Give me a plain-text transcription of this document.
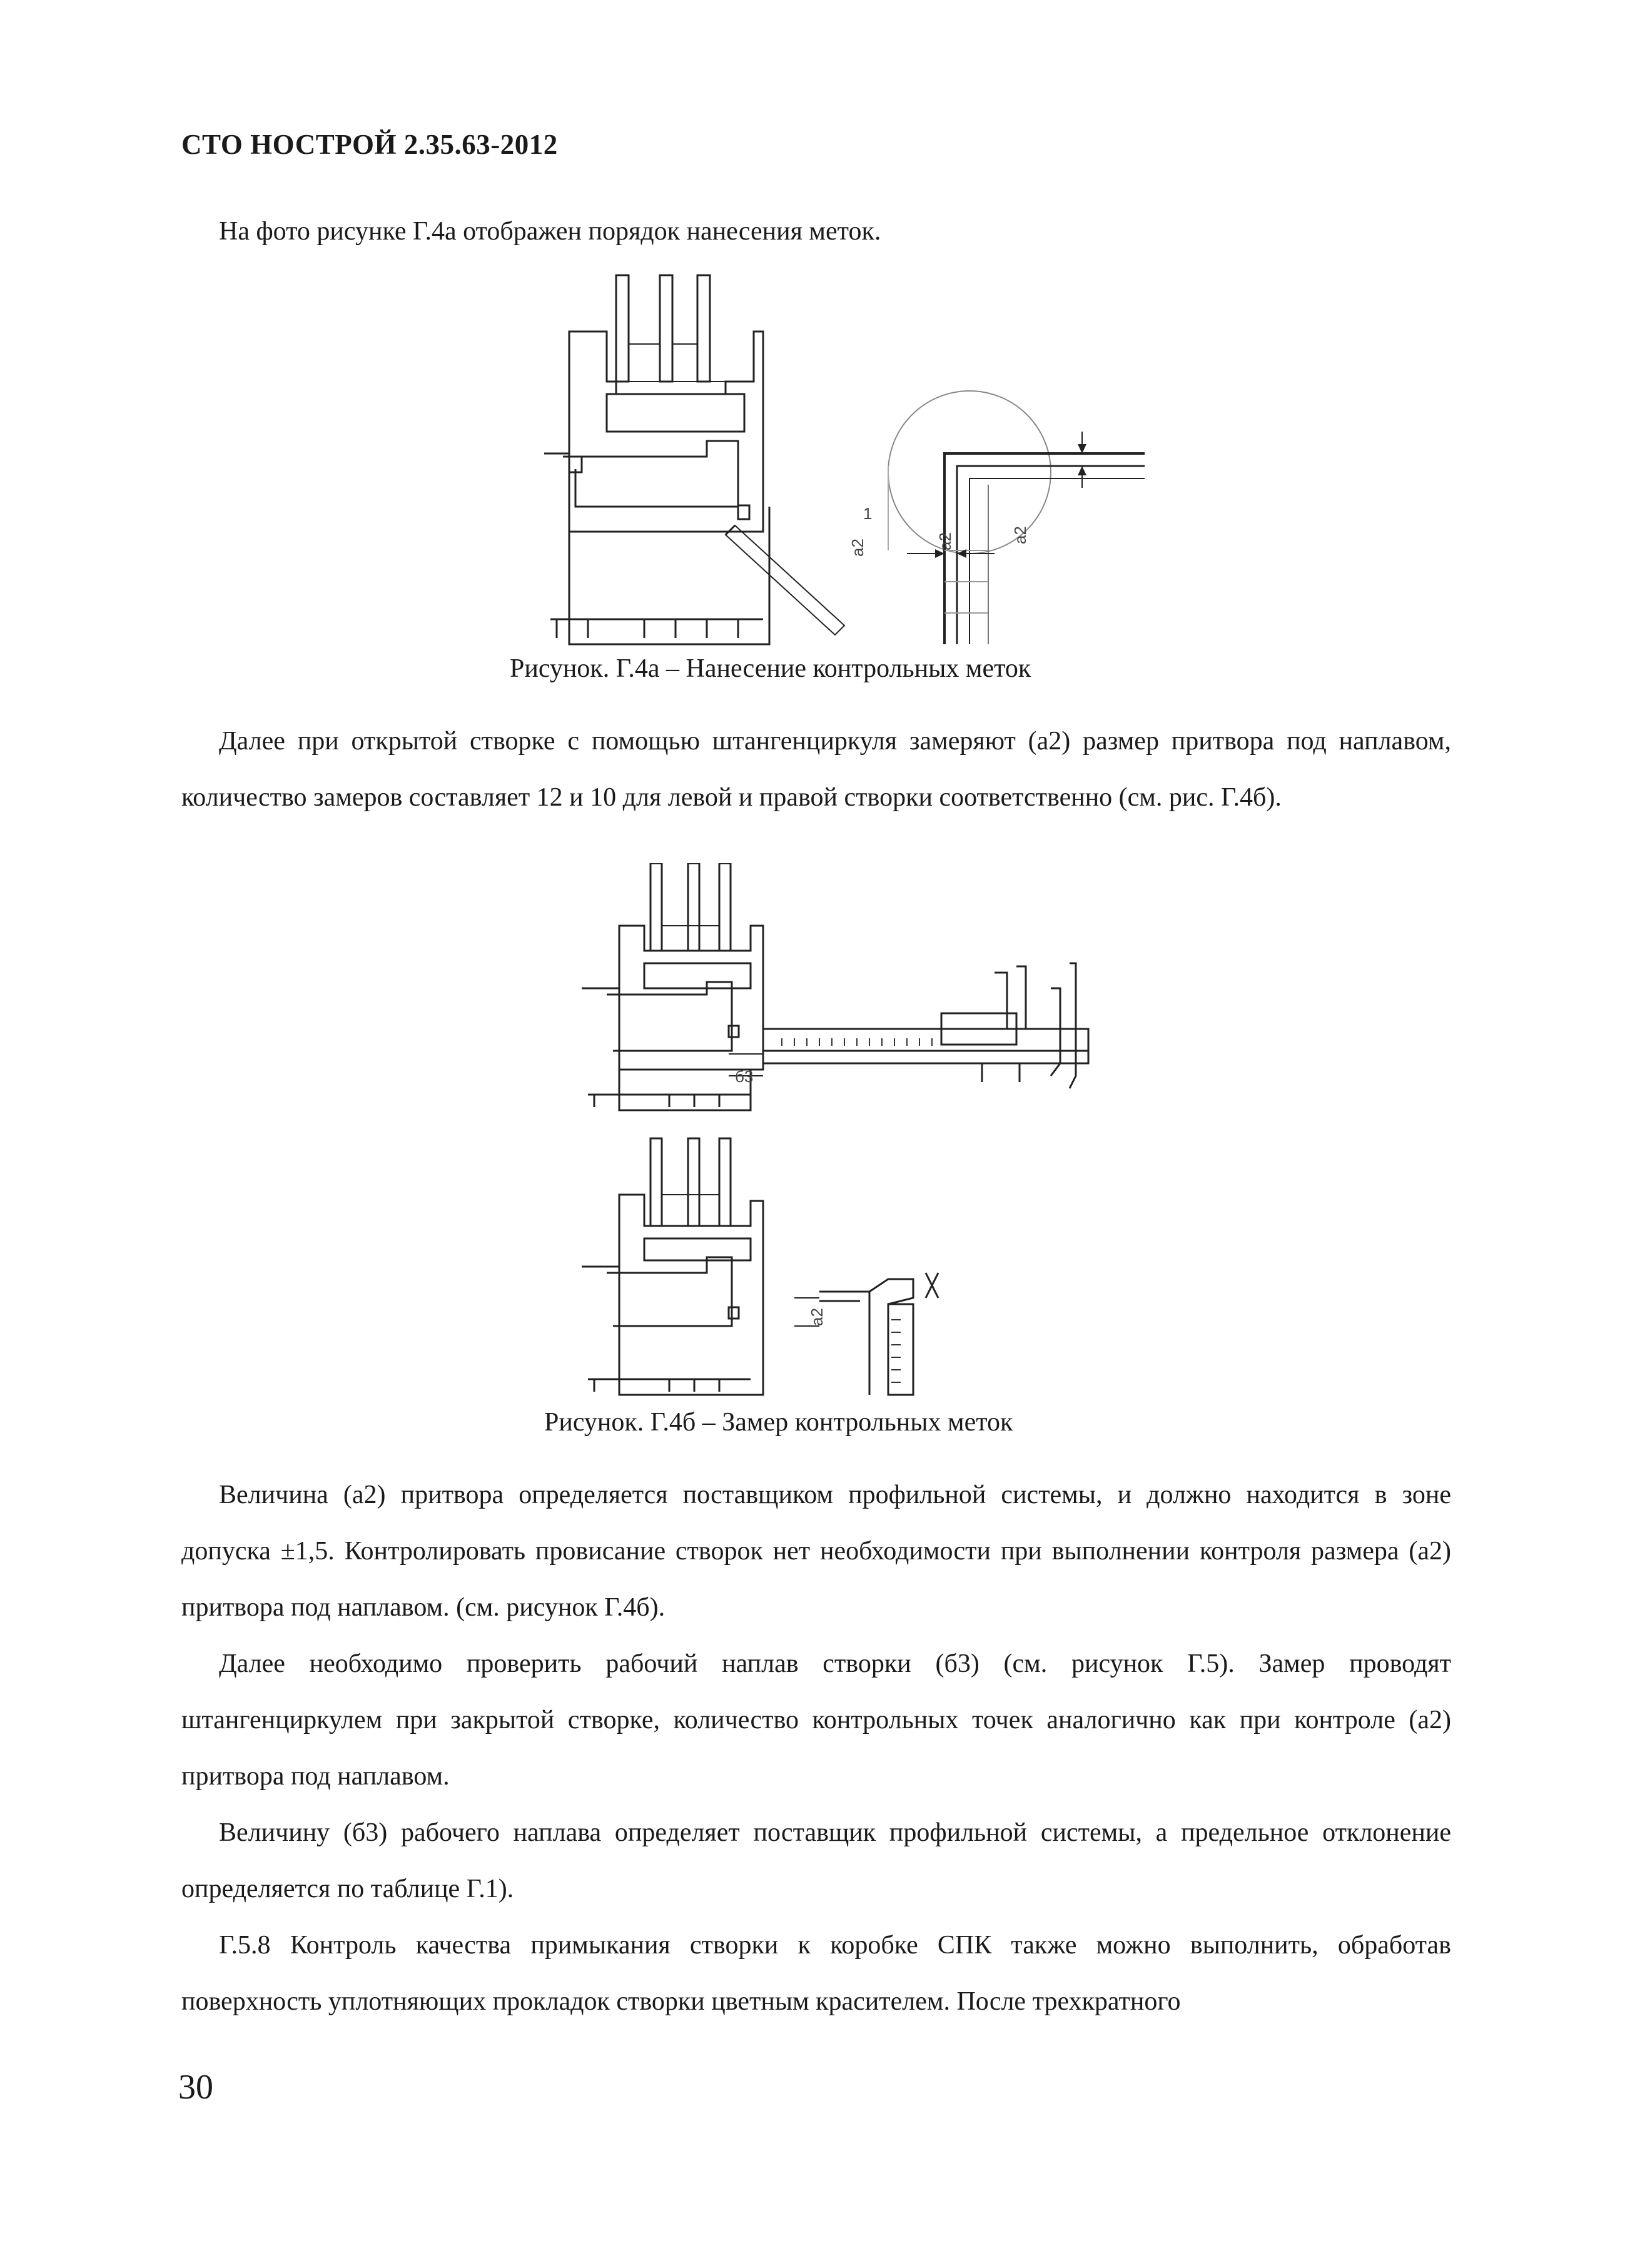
СТО НОСТРОЙ 2.35.63-2012
На фото рисунке Г.4а отображен порядок нанесения меток.
1
a2	a2	a2
Рисунок. Г.4а – Нанесение контрольных меток
Далее при открытой створке с помощью штангенциркуля замеряют (а2) размер притвора под наплавом, количество замеров составляет 12 и 10 для левой и правой створки соответственно (см. рис. Г.4б).
б3
a2
Рисунок. Г.4б – Замер контрольных меток
Величина (а2) притвора определяется поставщиком профильной системы, и должно находится в зоне допуска ±1,5. Контролировать провисание створок нет необходимости при выполнении контроля размера (а2) притвора под наплавом. (см. рисунок Г.4б).
Далее необходимо проверить рабочий наплав створки (б3) (см. рисунок Г.5). Замер проводят штангенциркулем при закрытой створке, количество контрольных точек аналогично как при контроле (а2) притвора под наплавом.
Величину (б3) рабочего наплава определяет поставщик профильной системы, а предельное отклонение определяется по таблице Г.1).
Г.5.8 Контроль качества примыкания створки к коробке СПК также можно выполнить, обработав поверхность уплотняющих прокладок створки цветным красителем. После трехкратного
30
